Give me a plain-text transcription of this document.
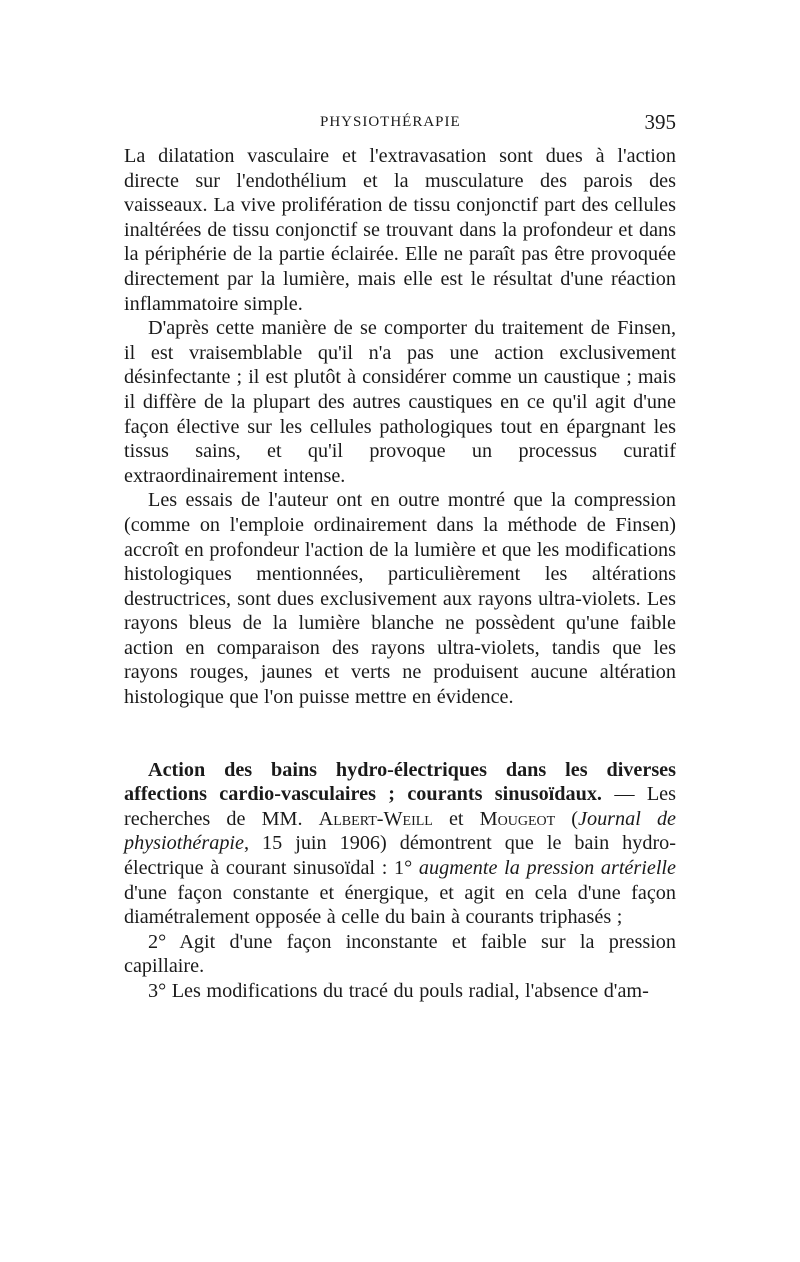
PHYSIOTHÉRAPIE	395

La dilatation vasculaire et l'extravasation sont dues à l'action directe sur l'endothélium et la musculature des parois des vaisseaux. La vive prolifération de tissu conjonctif part des cellules inaltérées de tissu conjonctif se trouvant dans la profondeur et dans la périphérie de la partie éclairée. Elle ne paraît pas être provoquée directement par la lumière, mais elle est le résultat d'une réaction inflammatoire simple.

D'après cette manière de se comporter du traitement de Finsen, il est vraisemblable qu'il n'a pas une action exclusivement désinfectante ; il est plutôt à considérer comme un caustique ; mais il diffère de la plupart des autres caustiques en ce qu'il agit d'une façon élective sur les cellules pathologiques tout en épargnant les tissus sains, et qu'il provoque un processus curatif extraordinairement intense.

Les essais de l'auteur ont en outre montré que la compression (comme on l'emploie ordinairement dans la méthode de Finsen) accroît en profondeur l'action de la lumière et que les modifications histologiques mentionnées, particulièrement les altérations destructrices, sont dues exclusivement aux rayons ultra-violets. Les rayons bleus de la lumière blanche ne possèdent qu'une faible action en comparaison des rayons ultra-violets, tandis que les rayons rouges, jaunes et verts ne produisent aucune altération histologique que l'on puisse mettre en évidence.

Action des bains hydro-électriques dans les diverses affections cardio-vasculaires ; courants sinusoïdaux. — Les recherches de MM. Albert-Weill et Mougeot (Journal de physiothérapie, 15 juin 1906) démontrent que le bain hydro-électrique à courant sinusoïdal : 1° augmente la pression artérielle d'une façon constante et énergique, et agit en cela d'une façon diamétralement opposée à celle du bain à courants triphasés ;

2° Agit d'une façon inconstante et faible sur la pression capillaire.

3° Les modifications du tracé du pouls radial, l'absence d'am-
